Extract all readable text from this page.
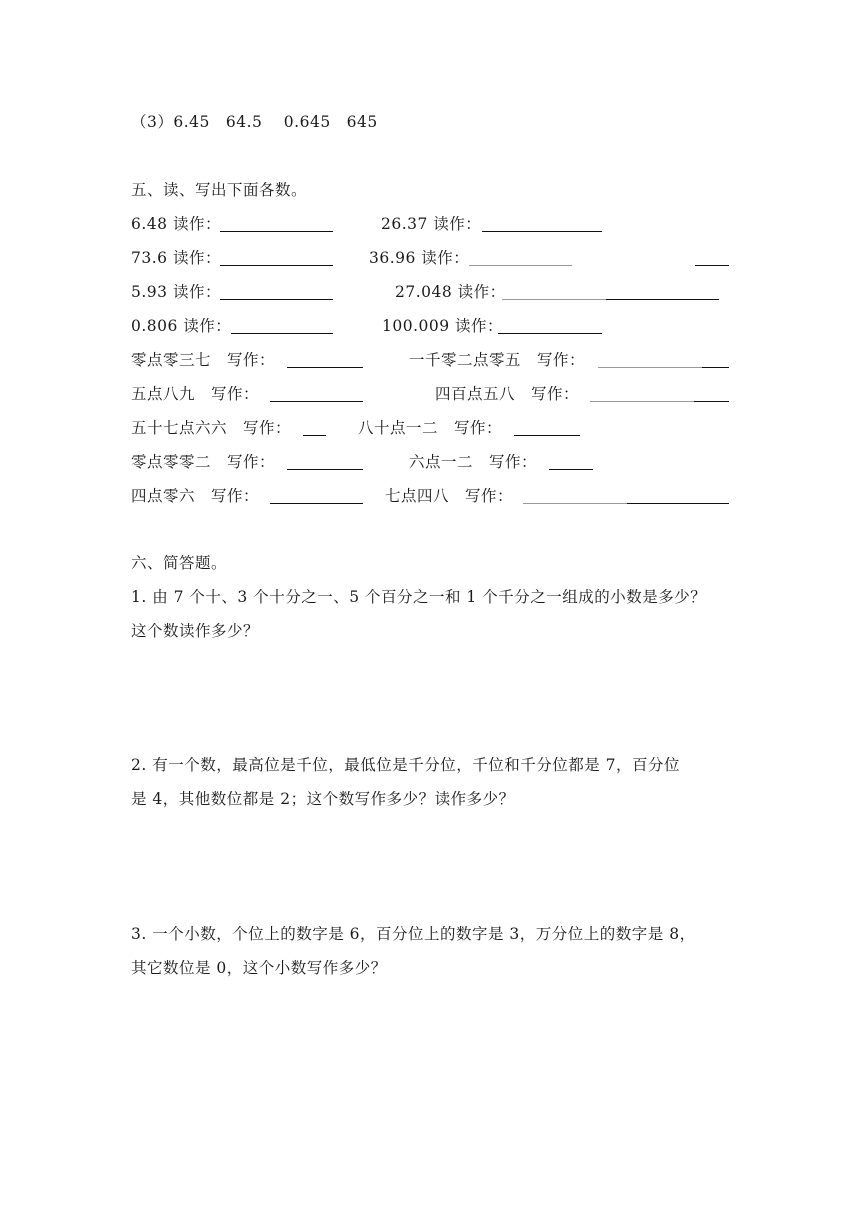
（3）6.45　64.5　 0.645　645
五、读、写出下面各数。
6.48 读作：	26.37 读作：
73.6 读作：	36.96 读作：
5.93 读作：	27.048 读作：
0.806 读作：	100.009 读作：
零点零三七　写作：	一千零二点零五　写作：
五点八九　写作：	四百点五八　写作：
五十七点六六　写作：	八十点一二　写作：
零点零零二　写作：	六点一二　写作：
四点零六　写作：	七点四八　写作：
六、简答题。
1. 由 7 个十、3 个十分之一、5 个百分之一和 1 个千分之一组成的小数是多少？
这个数读作多少？
2. 有一个数，最高位是千位，最低位是千分位，千位和千分位都是 7，百分位
是 4，其他数位都是 2；这个数写作多少？读作多少？
3. 一个小数，个位上的数字是 6，百分位上的数字是 3，万分位上的数字是 8，
其它数位是 0，这个小数写作多少？
